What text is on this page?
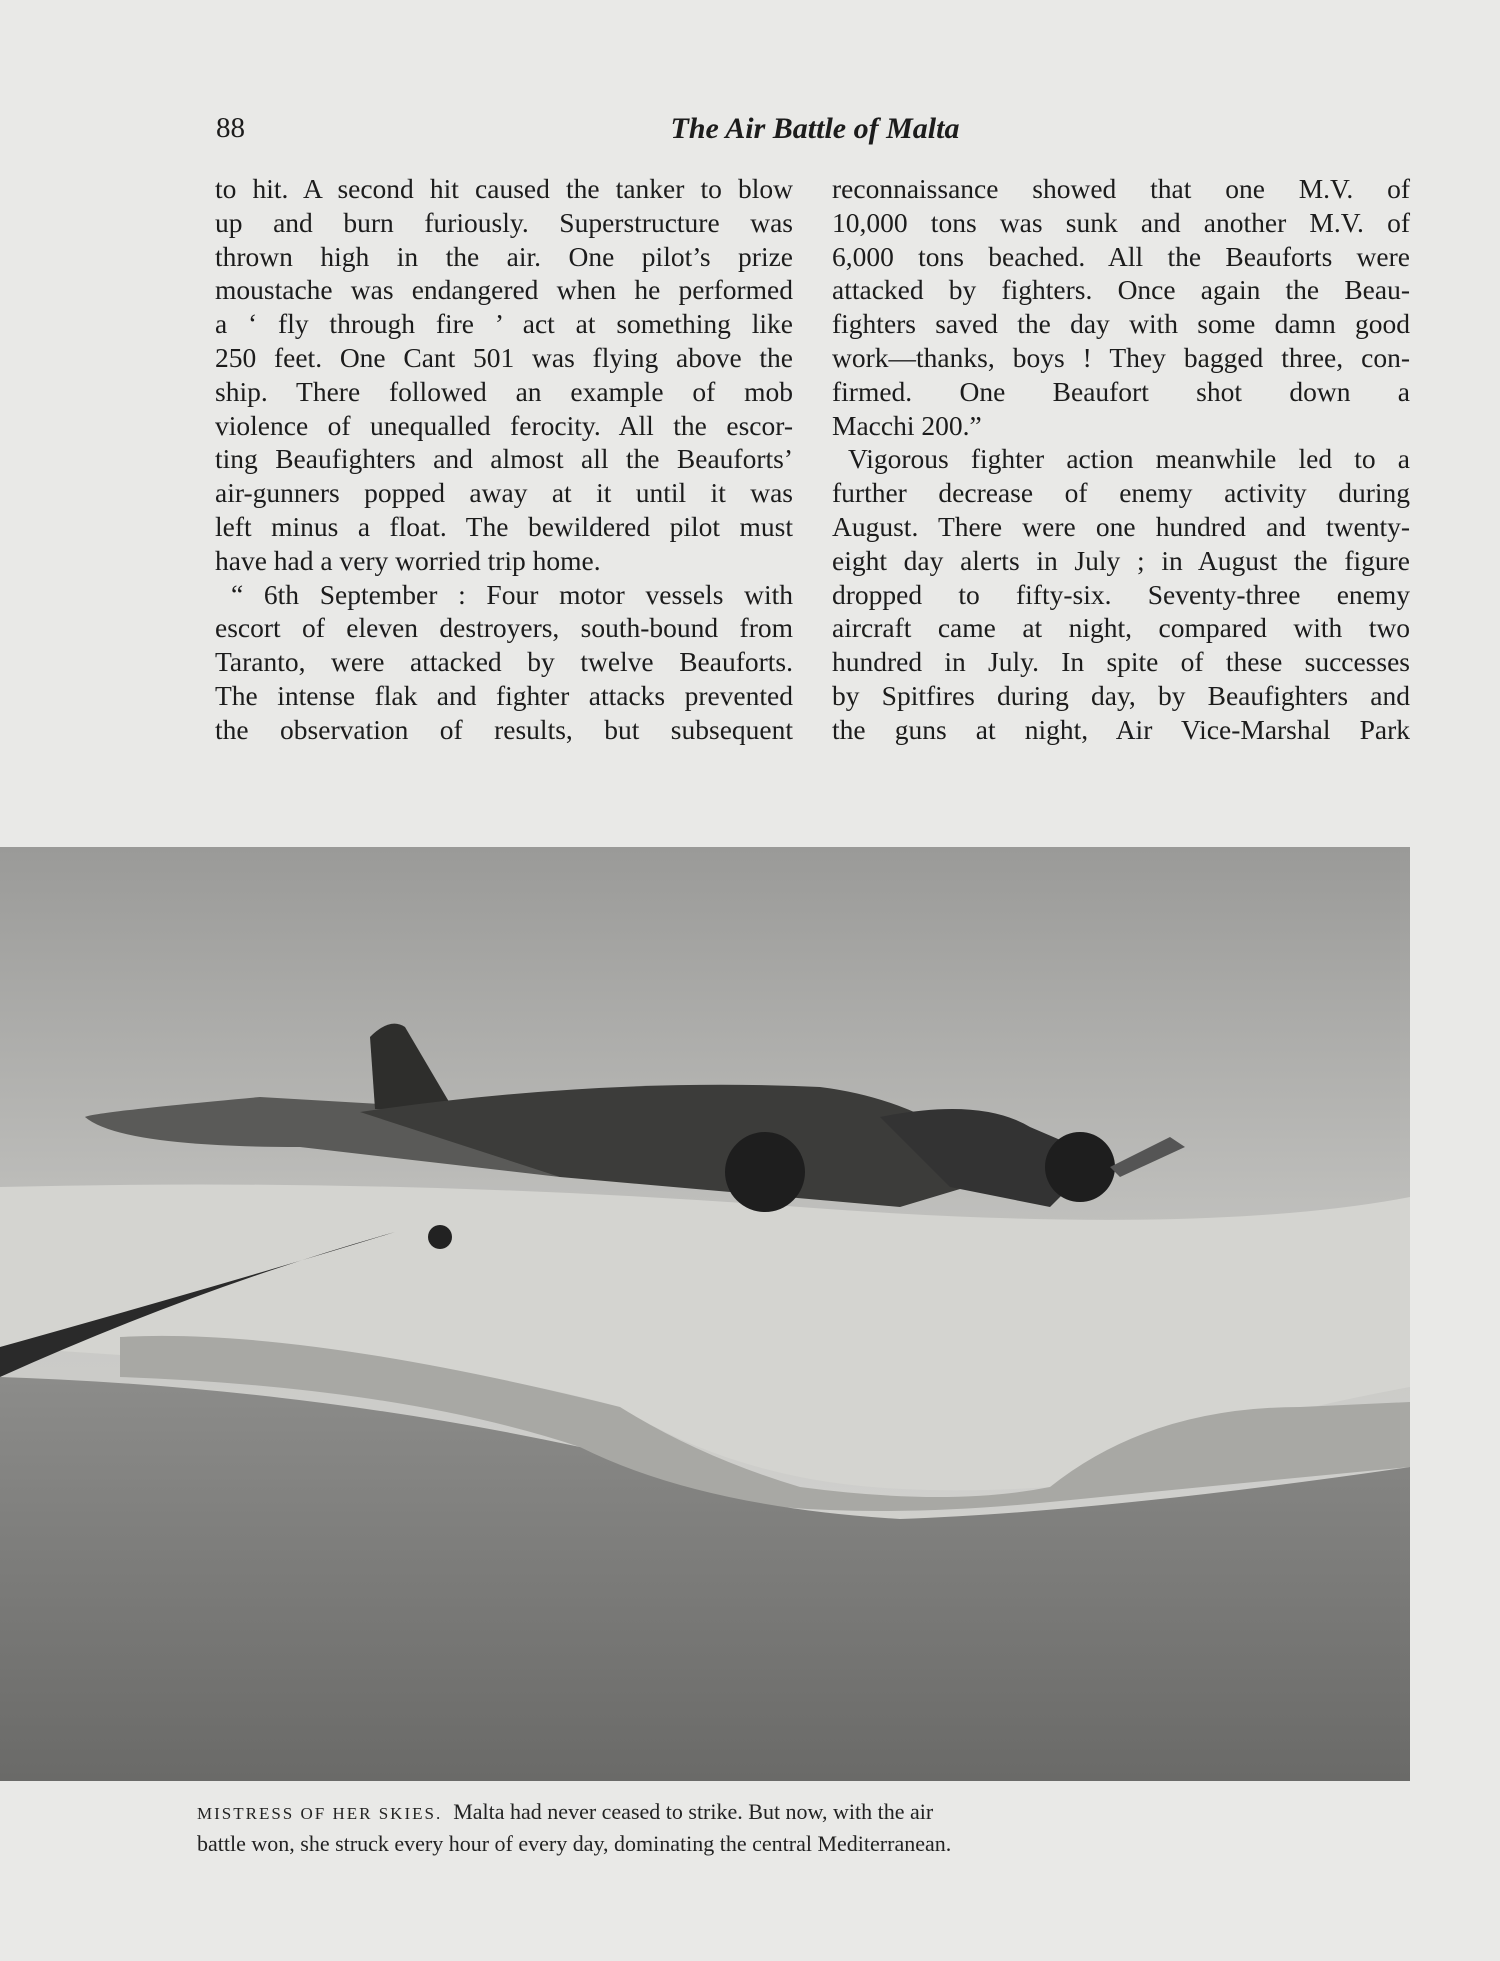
88	The Air Battle of Malta
to hit. A second hit caused the tanker to blow
up and burn furiously. Superstructure was
thrown high in the air. One pilot’s prize
moustache was endangered when he performed
a ‘ fly through fire ’ act at something like
250 feet. One Cant 501 was flying above the
ship. There followed an example of mob
violence of unequalled ferocity. All the escor-
ting Beaufighters and almost all the Beauforts’
air-gunners popped away at it until it was
left minus a float. The bewildered pilot must
have had a very worried trip home.
“ 6th September : Four motor vessels with
escort of eleven destroyers, south-bound from
Taranto, were attacked by twelve Beauforts.
The intense flak and fighter attacks prevented
the observation of results, but subsequent
reconnaissance showed that one M.V. of
10,000 tons was sunk and another M.V. of
6,000 tons beached. All the Beauforts were
attacked by fighters. Once again the Beau-
fighters saved the day with some damn good
work—thanks, boys ! They bagged three, con-
firmed. One Beaufort shot down a
Macchi 200.”
Vigorous fighter action meanwhile led to a
further decrease of enemy activity during
August. There were one hundred and twenty-
eight day alerts in July ; in August the figure
dropped to fifty-six. Seventy-three enemy
aircraft came at night, compared with two
hundred in July. In spite of these successes
by Spitfires during day, by Beaufighters and
the guns at night, Air Vice-Marshal Park
MISTRESS OF HER SKIES. Malta had never ceased to strike. But now, with the air
battle won, she struck every hour of every day, dominating the central Mediterranean.
